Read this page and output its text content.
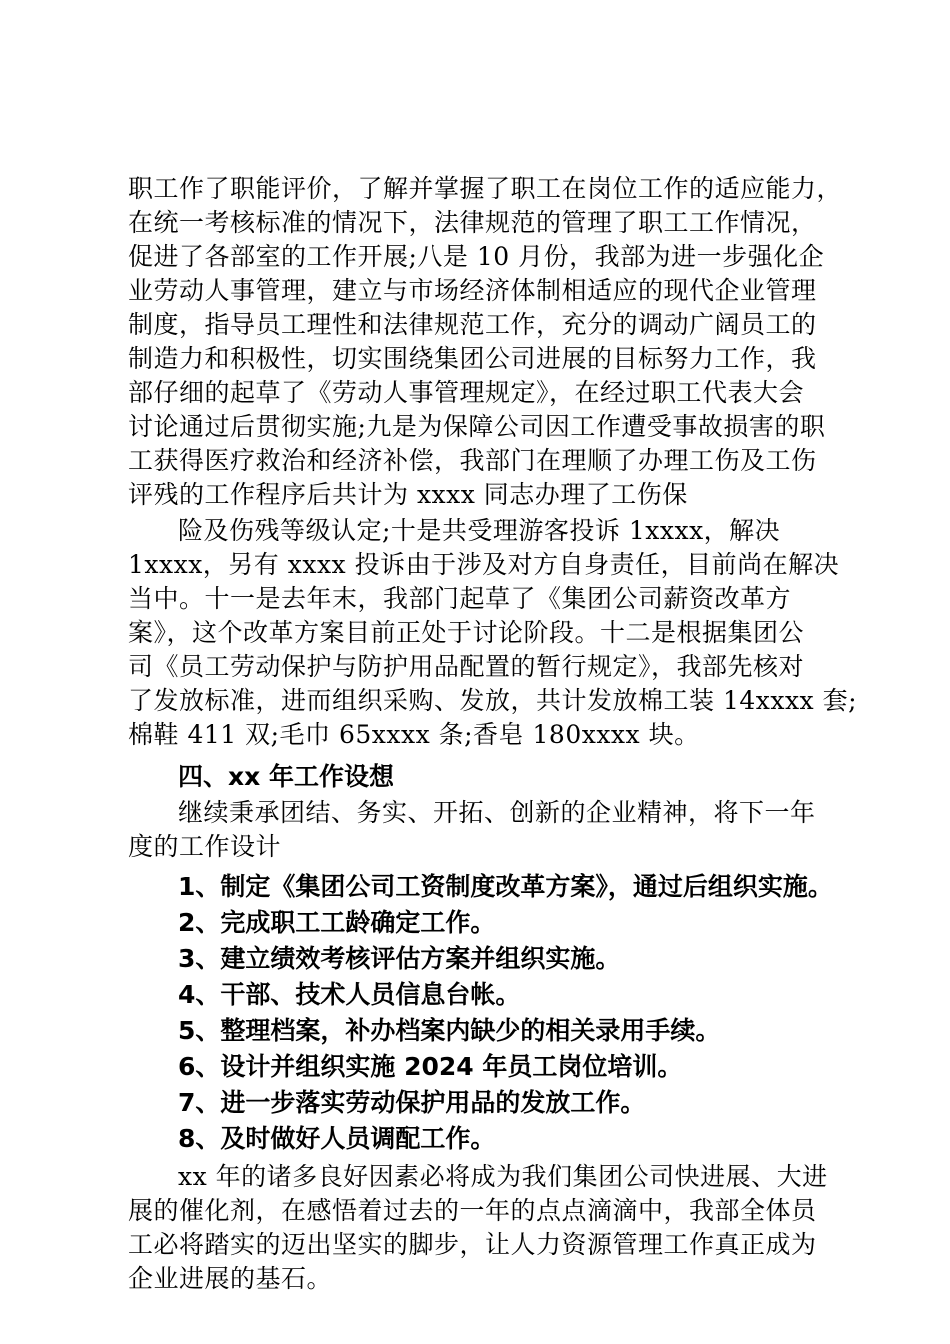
职工作了职能评价，了解并掌握了职工在岗位工作的适应能力，
在统一考核标准的情况下，法律规范的管理了职工工作情况，
促进了各部室的工作开展;八是 10 月份，我部为进一步强化企
业劳动人事管理，建立与市场经济体制相适应的现代企业管理
制度，指导员工理性和法律规范工作，充分的调动广阔员工的
制造力和积极性，切实围绕集团公司进展的目标努力工作，我
部仔细的起草了《劳动人事管理规定》，在经过职工代表大会
讨论通过后贯彻实施;九是为保障公司因工作遭受事故损害的职
工获得医疗救治和经济补偿，我部门在理顺了办理工伤及工伤
评残的工作程序后共计为 xxxx 同志办理了工伤保
险及伤残等级认定;十是共受理游客投诉 1xxxx，解决
1xxxx，另有 xxxx 投诉由于涉及对方自身责任，目前尚在解决
当中。十一是去年末，我部门起草了《集团公司薪资改革方
案》，这个改革方案目前正处于讨论阶段。十二是根据集团公
司《员工劳动保护与防护用品配置的暂行规定》，我部先核对
了发放标准，进而组织采购、发放，共计发放棉工装 14xxxx 套;
棉鞋 411 双;毛巾 65xxxx 条;香皂 180xxxx 块。
四、xx 年工作设想
继续秉承团结、务实、开拓、创新的企业精神，将下一年
度的工作设计
1、制定《集团公司工资制度改革方案》，通过后组织实施。
2、完成职工工龄确定工作。
3、建立绩效考核评估方案并组织实施。
4、干部、技术人员信息台帐。
5、整理档案，补办档案内缺少的相关录用手续。
6、设计并组织实施 2024 年员工岗位培训。
7、进一步落实劳动保护用品的发放工作。
8、及时做好人员调配工作。
xx 年的诸多良好因素必将成为我们集团公司快进展、大进
展的催化剂，在感悟着过去的一年的点点滴滴中，我部全体员
工必将踏实的迈出坚实的脚步，让人力资源管理工作真正成为
企业进展的基石。
